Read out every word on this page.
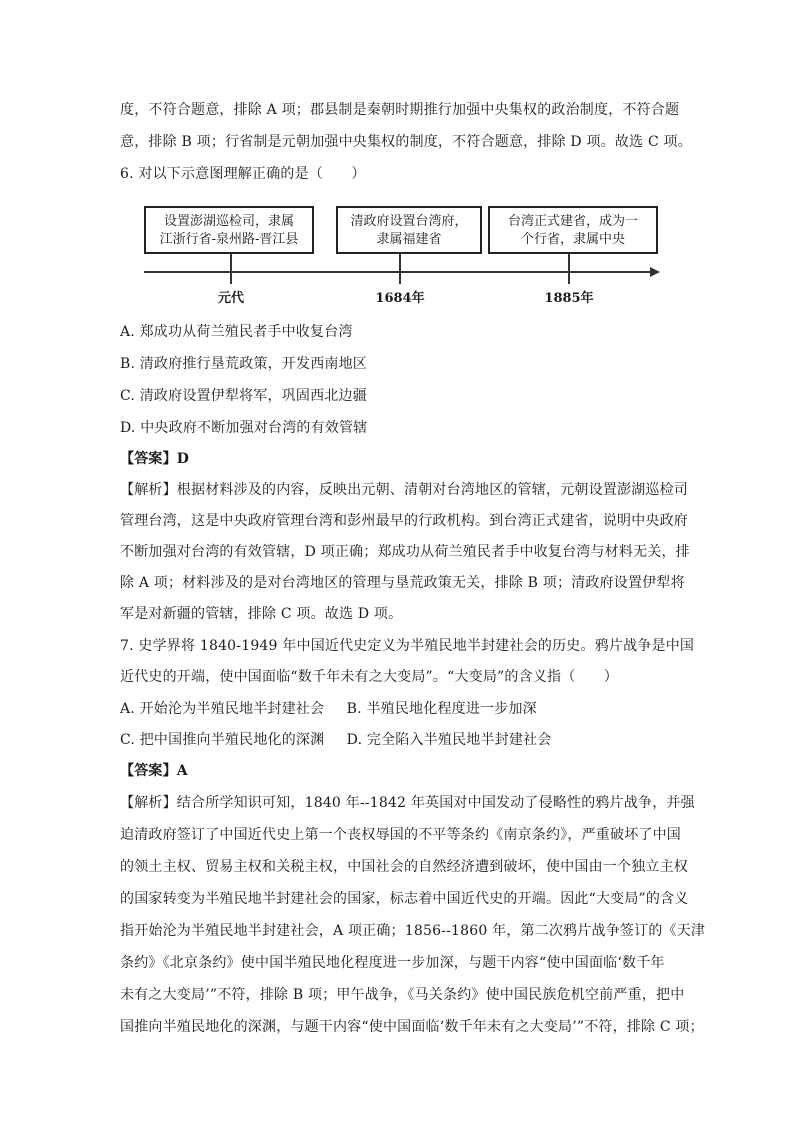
度，不符合题意，排除 A 项；郡县制是秦朝时期推行加强中央集权的政治制度，不符合题
意，排除 B 项；行省制是元朝加强中央集权的制度，不符合题意，排除 D 项。故选 C 项。
6. 对以下示意图理解正确的是（　　）
设置澎湖巡检司，隶属
江浙行省-泉州路-晋江县
清政府设置台湾府，
隶属福建省
台湾正式建省，成为一
个行省，隶属中央
元代	1684年	1885年
A. 郑成功从荷兰殖民者手中收复台湾
B. 清政府推行垦荒政策，开发西南地区
C. 清政府设置伊犁将军，巩固西北边疆
D. 中央政府不断加强对台湾的有效管辖
【答案】D
【解析】根据材料涉及的内容，反映出元朝、清朝对台湾地区的管辖，元朝设置澎湖巡检司
管理台湾，这是中央政府管理台湾和彭州最早的行政机构。到台湾正式建省，说明中央政府
不断加强对台湾的有效管辖，D 项正确；郑成功从荷兰殖民者手中收复台湾与材料无关，排
除 A 项；材料涉及的是对台湾地区的管理与垦荒政策无关，排除 B 项；清政府设置伊犁将
军是对新疆的管辖，排除 C 项。故选 D 项。
7. 史学界将 1840-1949 年中国近代史定义为半殖民地半封建社会的历史。鸦片战争是中国
近代史的开端，使中国面临“数千年未有之大变局”。“大变局”的含义指（　　）
A. 开始沦为半殖民地半封建社会 B. 半殖民地化程度进一步加深
C. 把中国推向半殖民地化的深渊 D. 完全陷入半殖民地半封建社会
【答案】A
【解析】结合所学知识可知，1840 年--1842 年英国对中国发动了侵略性的鸦片战争，并强
迫清政府签订了中国近代史上第一个丧权辱国的不平等条约《南京条约》，严重破坏了中国
的领土主权、贸易主权和关税主权，中国社会的自然经济遭到破坏，使中国由一个独立主权
的国家转变为半殖民地半封建社会的国家，标志着中国近代史的开端。因此“大变局”的含义
指开始沦为半殖民地半封建社会，A 项正确；1856--1860 年，第二次鸦片战争签订的《天津
条约》《北京条约》使中国半殖民地化程度进一步加深，与题干内容“使中国面临‘数千年
未有之大变局’”不符，排除 B 项；甲午战争，《马关条约》使中国民族危机空前严重，把中
国推向半殖民地化的深渊，与题干内容“使中国面临‘数千年未有之大变局’”不符，排除 C 项；
